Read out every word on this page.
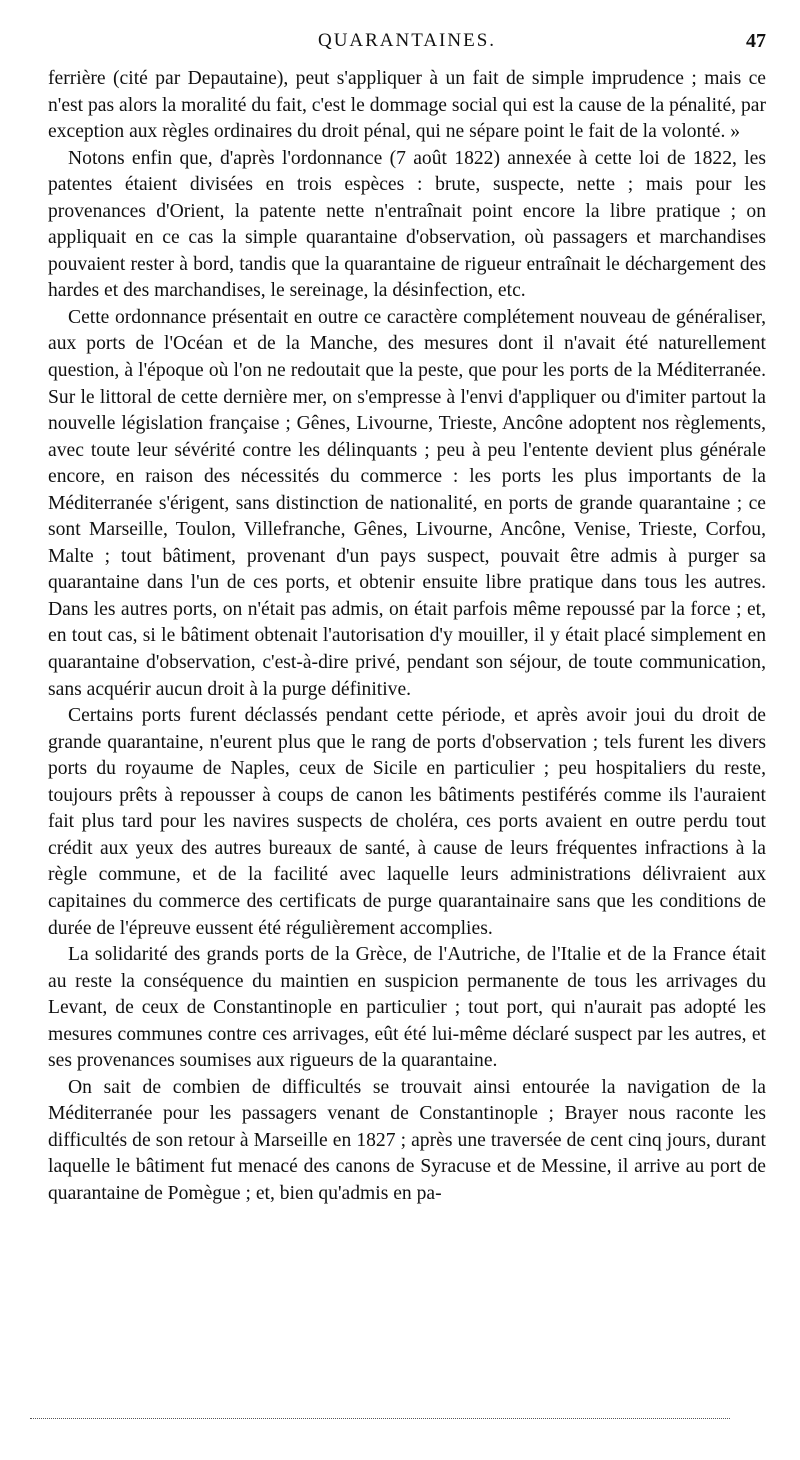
QUARANTAINES.	47

ferrière (cité par Depautaine), peut s'appliquer à un fait de simple imprudence ; mais ce n'est pas alors la moralité du fait, c'est le dommage social qui est la cause de la pénalité, par exception aux règles ordinaires du droit pénal, qui ne sépare point le fait de la volonté. »

Notons enfin que, d'après l'ordonnance (7 août 1822) annexée à cette loi de 1822, les patentes étaient divisées en trois espèces : brute, suspecte, nette ; mais pour les provenances d'Orient, la patente nette n'entraînait point encore la libre pratique ; on appliquait en ce cas la simple quarantaine d'observation, où passagers et marchandises pouvaient rester à bord, tandis que la quarantaine de rigueur entraînait le déchargement des hardes et des marchandises, le sereinage, la désinfection, etc.

Cette ordonnance présentait en outre ce caractère complétement nouveau de généraliser, aux ports de l'Océan et de la Manche, des mesures dont il n'avait été naturellement question, à l'époque où l'on ne redoutait que la peste, que pour les ports de la Méditerranée. Sur le littoral de cette dernière mer, on s'empresse à l'envi d'appliquer ou d'imiter partout la nouvelle législation française ; Gênes, Livourne, Trieste, Ancône adoptent nos règlements, avec toute leur sévérité contre les délinquants ; peu à peu l'entente devient plus générale encore, en raison des nécessités du commerce : les ports les plus importants de la Méditerranée s'érigent, sans distinction de nationalité, en ports de grande quarantaine ; ce sont Marseille, Toulon, Villefranche, Gênes, Livourne, Ancône, Venise, Trieste, Corfou, Malte ; tout bâtiment, provenant d'un pays suspect, pouvait être admis à purger sa quarantaine dans l'un de ces ports, et obtenir ensuite libre pratique dans tous les autres. Dans les autres ports, on n'était pas admis, on était parfois même repoussé par la force ; et, en tout cas, si le bâtiment obtenait l'autorisation d'y mouiller, il y était placé simplement en quarantaine d'observation, c'est-à-dire privé, pendant son séjour, de toute communication, sans acquérir aucun droit à la purge définitive.

Certains ports furent déclassés pendant cette période, et après avoir joui du droit de grande quarantaine, n'eurent plus que le rang de ports d'observation ; tels furent les divers ports du royaume de Naples, ceux de Sicile en particulier ; peu hospitaliers du reste, toujours prêts à repousser à coups de canon les bâtiments pestiférés comme ils l'auraient fait plus tard pour les navires suspects de choléra, ces ports avaient en outre perdu tout crédit aux yeux des autres bureaux de santé, à cause de leurs fréquentes infractions à la règle commune, et de la facilité avec laquelle leurs administrations délivraient aux capitaines du commerce des certificats de purge quarantainaire sans que les conditions de durée de l'épreuve eussent été régulièrement accomplies.

La solidarité des grands ports de la Grèce, de l'Autriche, de l'Italie et de la France était au reste la conséquence du maintien en suspicion permanente de tous les arrivages du Levant, de ceux de Constantinople en particulier ; tout port, qui n'aurait pas adopté les mesures communes contre ces arrivages, eût été lui-même déclaré suspect par les autres, et ses provenances soumises aux rigueurs de la quarantaine.

On sait de combien de difficultés se trouvait ainsi entourée la navigation de la Méditerranée pour les passagers venant de Constantinople ; Brayer nous raconte les difficultés de son retour à Marseille en 1827 ; après une traversée de cent cinq jours, durant laquelle le bâtiment fut menacé des canons de Syracuse et de Messine, il arrive au port de quarantaine de Pomègue ; et, bien qu'admis en pa-
